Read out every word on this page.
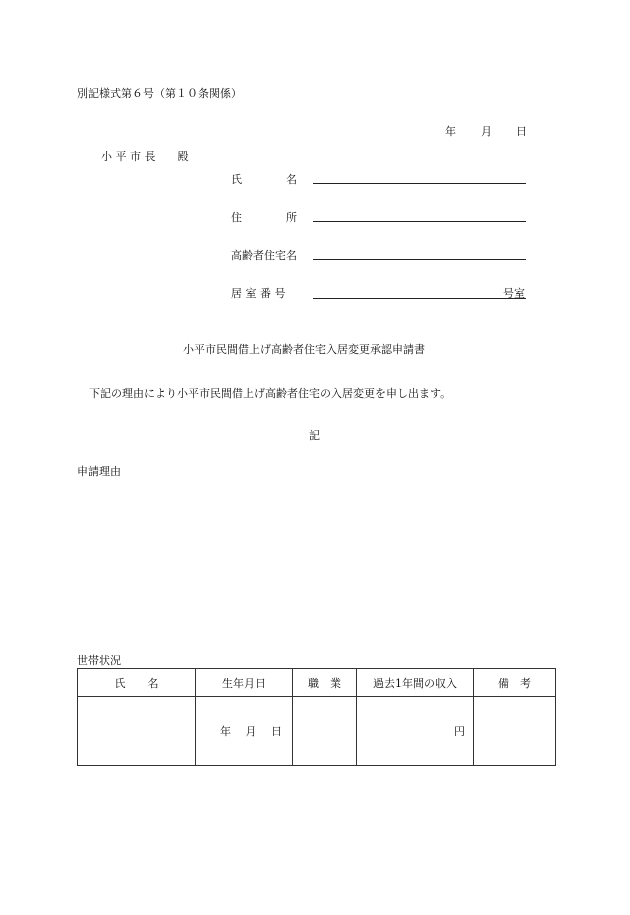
別記様式第６号（第１０条関係）
年 月 日
小 平 市 長　　殿
氏　　　　名
住　　　　所
高齢者住宅名
居 室 番 号	号室
小平市民間借上げ高齢者住宅入居変更承認申請書
下記の理由により小平市民間借上げ高齢者住宅の入居変更を申し出ます。
記
申請理由
世帯状況
氏　　名	生年月日	職　業	過去1年間の収入	備　考
	年　 月　 日		円	
